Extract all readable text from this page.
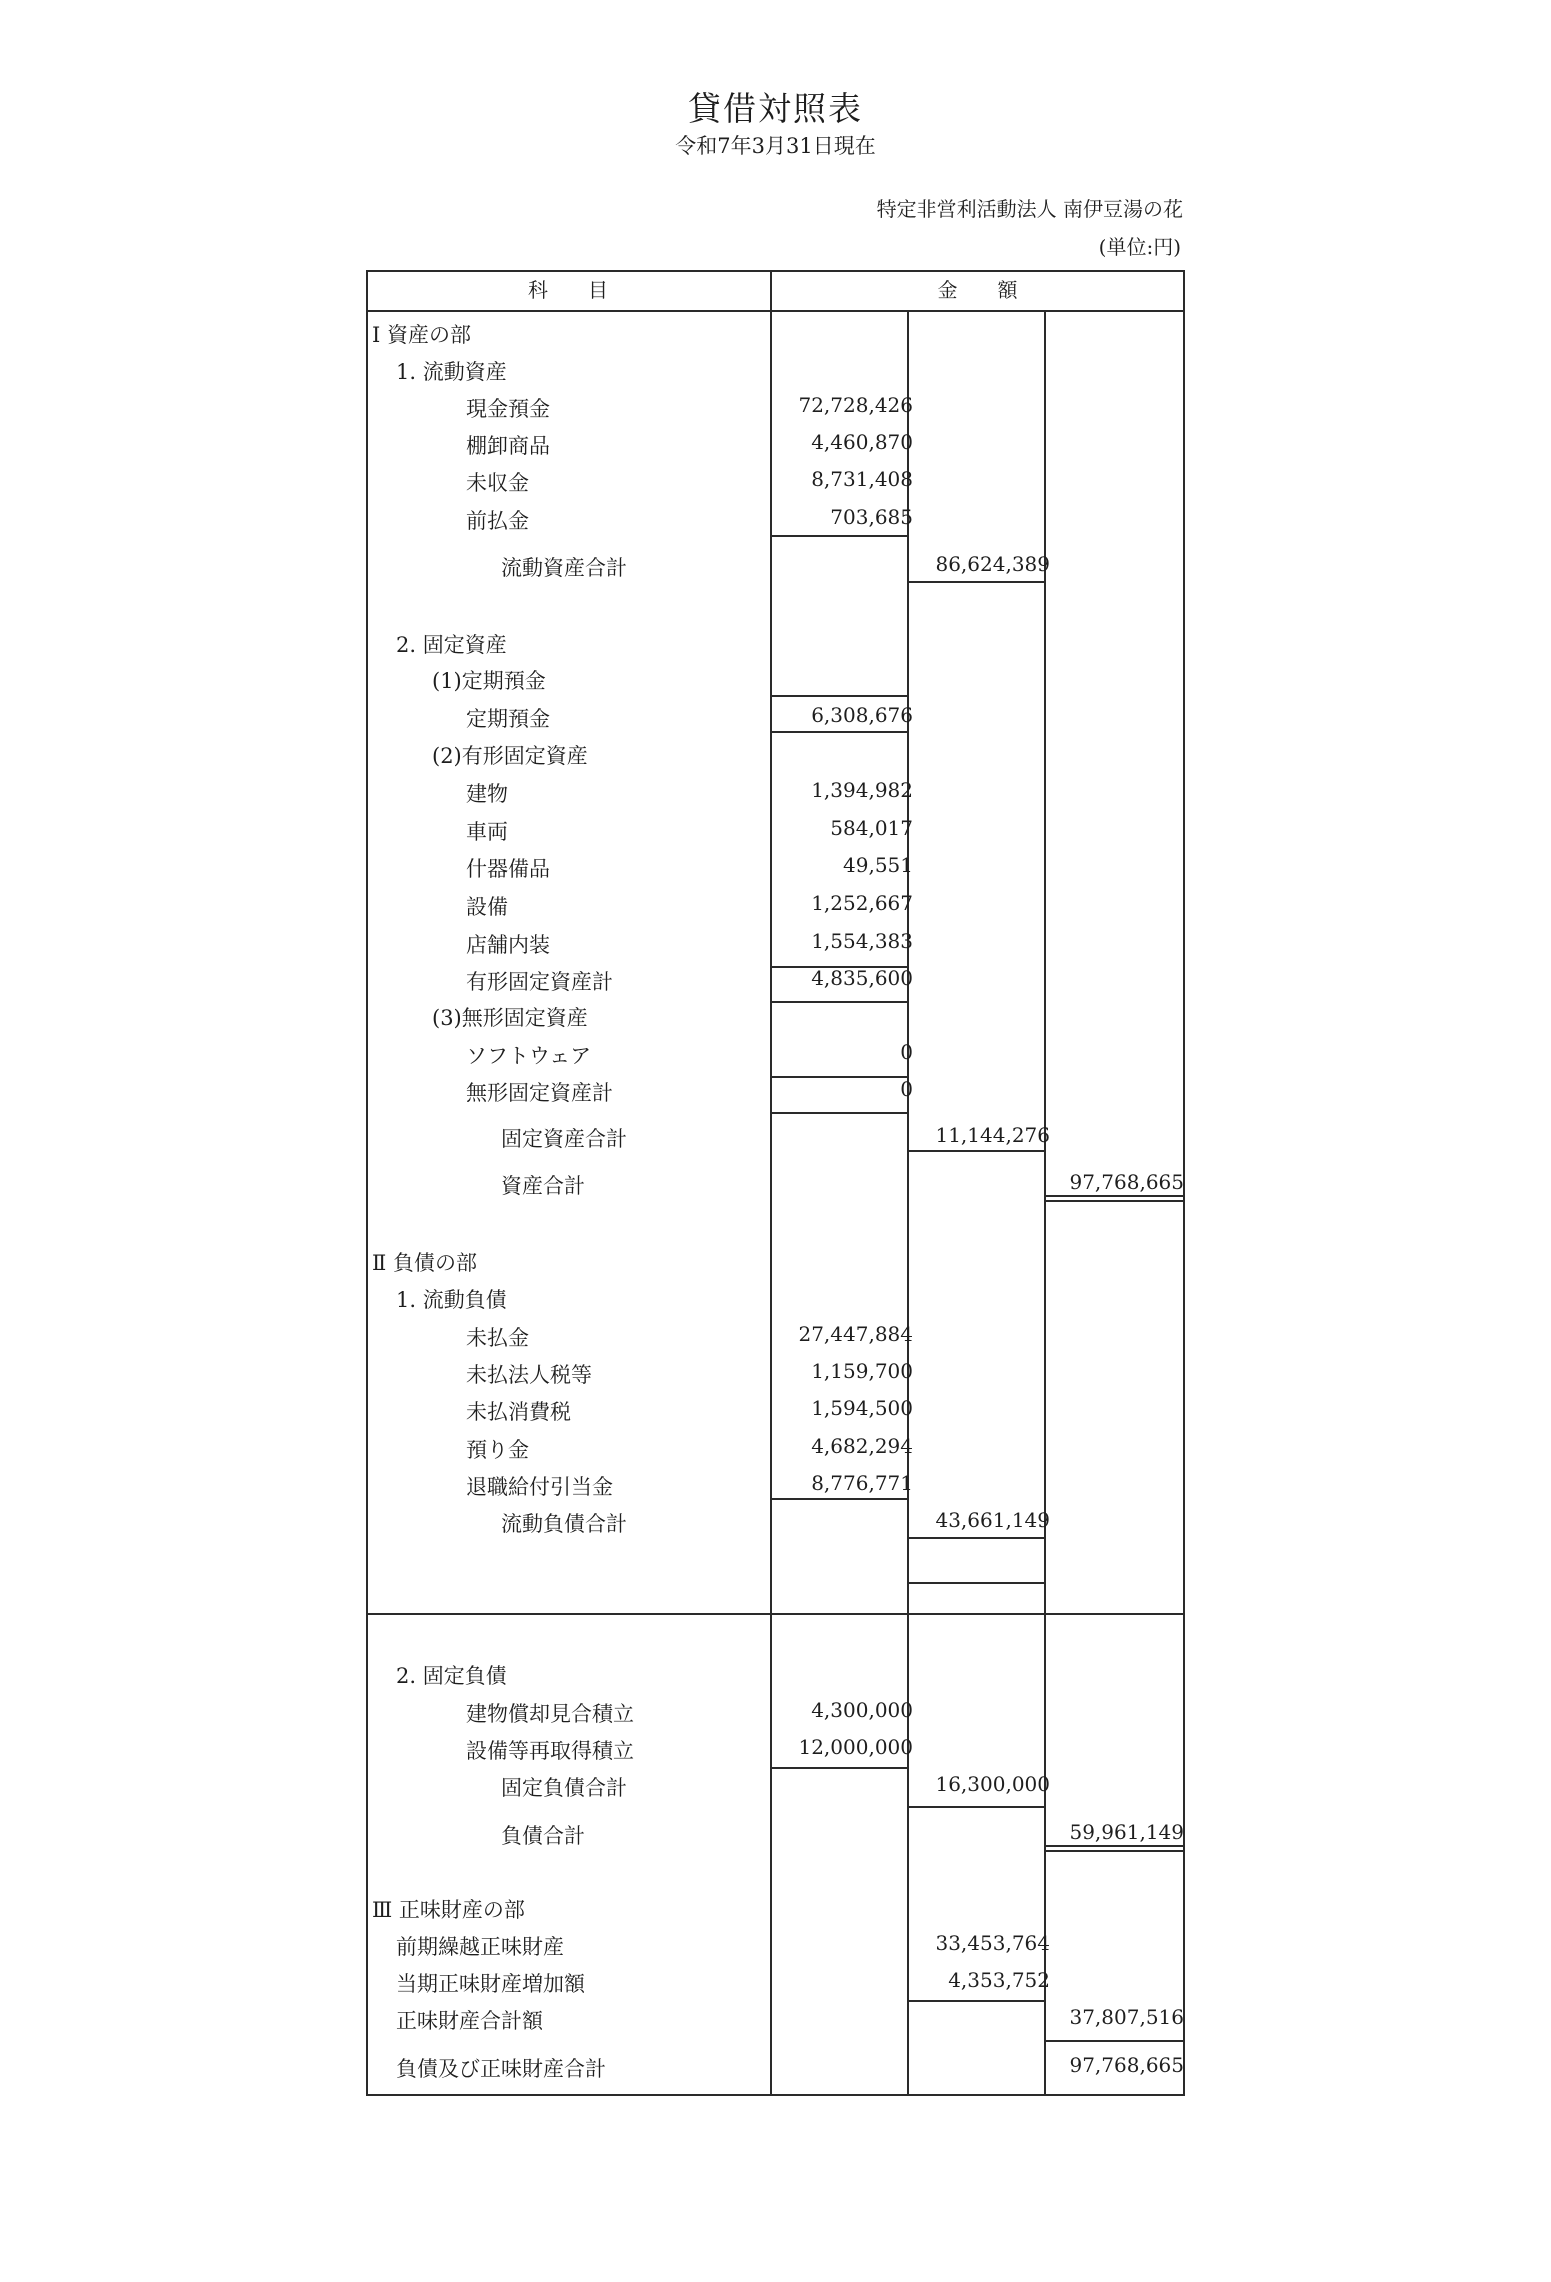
貸借対照表
令和7年3月31日現在
特定非営利活動法人 南伊豆湯の花
(単位:円)
科　　目	金　　額
Ⅰ 資産の部
1. 流動資産
現金預金	72,728,426
棚卸商品	4,460,870
未収金	8,731,408
前払金	703,685
流動資産合計	86,624,389
2. 固定資産
(1)定期預金
定期預金	6,308,676
(2)有形固定資産
建物	1,394,982
車両	584,017
什器備品	49,551
設備	1,252,667
店舗内装	1,554,383
有形固定資産計	4,835,600
(3)無形固定資産
ソフトウェア	0
無形固定資産計	0
固定資産合計	11,144,276
資産合計	97,768,665
Ⅱ 負債の部
1. 流動負債
未払金	27,447,884
未払法人税等	1,159,700
未払消費税	1,594,500
預り金	4,682,294
退職給付引当金	8,776,771
流動負債合計	43,661,149
2. 固定負債
建物償却見合積立	4,300,000
設備等再取得積立	12,000,000
固定負債合計	16,300,000
負債合計	59,961,149
Ⅲ 正味財産の部
前期繰越正味財産	33,453,764
当期正味財産増加額	4,353,752
正味財産合計額	37,807,516
負債及び正味財産合計	97,768,665
